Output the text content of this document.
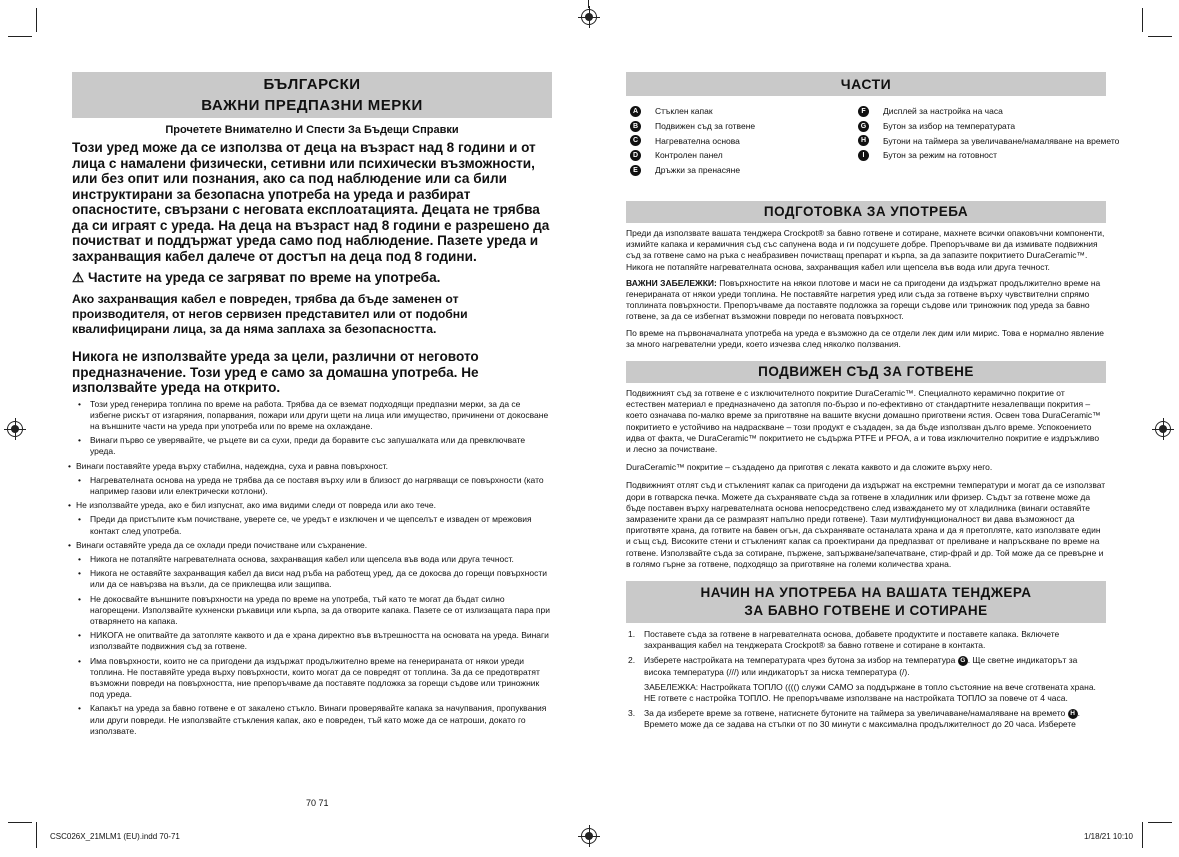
БЪЛГАРСКИ
ВАЖНИ ПРЕДПАЗНИ МЕРКИ
Прочетете Внимателно И Спести За Бъдещи Справки

Този уред може да се използва от деца на възраст над 8 години и от лица с намалени физически, сетивни или психически възможности, или без опит или познания, ако са под наблюдение или са били инструктирани за безопасна употреба на уреда и разбират опасностите, свързани с неговата експлоатацията. Децата не трябва да си играят с уреда. На деца на възраст над 8 години е разрешено да почистват и поддържат уреда само под наблюдение. Пазете уреда и захранващия кабел далече от достъп на деца под 8 години.

⚠ Частите на уреда се загряват по време на употреба.

Ако захранващия кабел е повреден, трябва да бъде заменен от производителя, от негов сервизен представител или от подобни квалифицирани лица, за да няма заплаха за безопасността.

Никога не използвайте уреда за цели, различни от неговото предназначение. Този уред е само за домашна употреба. Не използвайте уреда на открито.

• Този уред генерира топлина по време на работа. Трябва да се вземат подходящи предпазни мерки, за да се избегне рискът от изгаряния, попарвания, пожари или други щети на лица или имущество, причинени от докосване на външните части на уреда при употреба или по време на охлаждане.
• Винаги първо се уверявайте, че ръцете ви са сухи, преди да боравите със запушалката или да превключвате уреда.
• Винаги поставяйте уреда върху стабилна, надеждна, суха и равна повърхност.
• Нагревателната основа на уреда не трябва да се поставя върху или в близост до нагряващи се повърхности (като например газови или електрически котлони).
• Не използвайте уреда, ако е бил изпуснат, ако има видими следи от повреда или ако тече.
• Преди да пристъпите към почистване, уверете се, че уредът е изключен и че щепселът е изваден от мрежовия контакт след употреба.
• Винаги оставяйте уреда да се охлади преди почистване или съхранение.
• Никога не потапяйте нагревателната основа, захранващия кабел или щепсела във вода или друга течност.
• Никога не оставяйте захранващия кабел да виси над ръба на работещ уред, да се докосва до горещи повърхности или да се навързва на възли, да се приклещва или защипва.
• Не докосвайте външните повърхности на уреда по време на употреба, тъй като те могат да бъдат силно нагорещени. Използвайте кухненски ръкавици или кърпа, за да отворите капака. Пазете се от излизащата пара при отварянето на капака.
• НИКОГА не опитвайте да затопляте каквото и да е храна директно във вътрешността на основата на уреда. Винаги използвайте подвижния съд за готвене.
• Има повърхности, които не са пригодени да издържат продължително време на генерираната от някои уреди топлина. Не поставяйте уреда върху повърхности, които могат да се повредят от топлина. За да се предотвратят възможни повреди на повърхността, ние препоръчваме да поставяте подложка за горещи съдове или триножник под уреда.
• Капакът на уреда за бавно готвене е от закалено стъкло. Винаги проверявайте капака за начупвания, пропуквания или други повреди. Не използвайте стъкления капак, ако е повреден, тъй като може да се натроши, докато го използвате.
70 71
ЧАСТИ
A	Стъклен капак
B	Подвижен съд за готвене
C	Нагревателна основа
D	Контролен панел
E	Дръжки за пренасяне
F	Дисплей за настройка на часа
G	Бутон за избор на температурата
H	Бутони на таймера за увеличаване/намаляване на времето
I	Бутон за режим на готовност
ПОДГОТОВКА ЗА УПОТРЕБА

Преди да използвате вашата тенджера Crockpot® за бавно готвене и сотиране, махнете всички опаковъчни компоненти, измийте капака и керамичния съд със сапунена вода и ги подсушете добре. Препоръчваме ви да измивате подвижния съд за готвене само на ръка с неабразивен почистващ препарат и кърпа, за да запазите покритието DuraCeramic™. Никога не потапяйте нагревателната основа, захранващия кабел или щепсела във вода или друга течност.

ВАЖНИ ЗАБЕЛЕЖКИ: Повърхностите на някои плотове и маси не са пригодени да издържат продължително време на генерираната от някои уреди топлина. Не поставяйте нагретия уред или съда за готвене върху чувствителни спрямо топлината повърхности. Препоръчваме да поставяте подложка за горещи съдове или триножник под уреда за бавно готвене, за да се избегнат възможни повреди по неговата повърхност.

По време на първоначалната употреба на уреда е възможно да се отдели лек дим или мирис. Това е нормално явление за много нагревателни уреди, което изчезва след няколко ползвания.

ПОДВИЖЕН СЪД ЗА ГОТВЕНЕ

Подвижният съд за готвене е с изключителното покритие DuraCeramic™. Специалното керамично покритие от естествен материал е предназначено да затопля по-бързо и по-ефективно от стандартните незалепващи покрития – което означава по-малко време за приготвяне на вашите вкусни домашно приготвени ястия. Освен това DuraCeramic™ покритието е устойчиво на надраскване – този продукт е създаден, за да бъде използван дълго време. Успокоението идва от факта, че DuraCeramic™ покритието не съдържа PTFE и PFOA, а и това изключително покритие е издръжливо и лесно за почистване.

DuraCeramic™ покритие – създадено да приготвя с леката каквото и да сложите върху него.

Подвижният отлят съд и стъкленият капак са пригодени да издържат на екстремни температури и могат да се използват дори в готварска печка. Можете да съхранявате съда за готвене в хладилник или фризер. Съдът за готвене може да бъде поставен върху нагревателната основа непосредствено след изваждането му от хладилника (винаги оставяйте замразените храни да се размразят напълно преди готвене). Тази мултифункционалност ви дава възможност да приготвяте храна, да готвите на бавен огън, да съхранявате останалата храна и да я претопляте, като използвате един и същ съд. Високите стени и стъкленият капак са проектирани да предпазват от преливане и напръскване по време на готвене. Използвайте съда за сотиране, пържене, запържване/запечатване, стир-фрай и др. Той може да се превърне и в голямо гърне за готвене, подходящо за приготвяне на големи количества храна.

НАЧИН НА УПОТРЕБА НА ВАШАТА ТЕНДЖЕРА
ЗА БАВНО ГОТВЕНЕ И СОТИРАНЕ
1. Поставете съда за готвене в нагревателната основа, добавете продуктите и поставете капака. Включете захранващия кабел на тенджерата Crockpot® за бавно готвене и сотиране в контакта.
2. Изберете настройката на температурата чрез бутона за избор на температура G . Ще светне индикаторът за висока температура (///) или индикаторът за ниска температура (/).
ЗАБЕЛЕЖКА: Настройката ТОПЛО (((() служи САМО за поддържане в топло състояние на вече сготвената храна. НЕ гответе с настройка ТОПЛО. Не препоръчваме използване на настройката ТОПЛО за повече от 4 часа.
3. За да изберете време за готвене, натиснете бутоните на таймера за увеличаване/намаляване на времето H . Времето може да се задава на стъпки от по 30 минути с максимална продължителност до 20 часа. Изберете
CSC026X_21MLM1 (EU).indd 70-71	1/18/21 10:10
